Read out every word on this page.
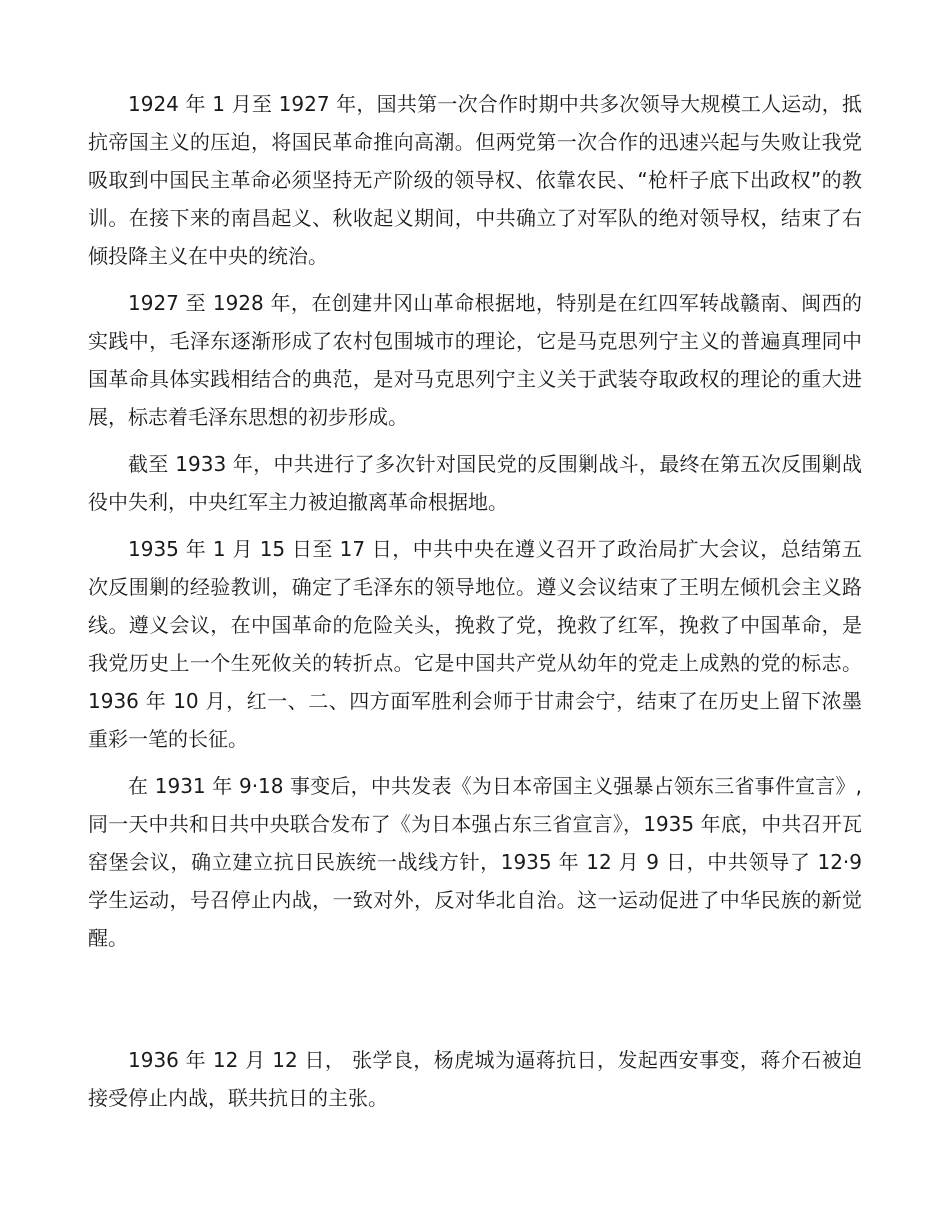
1924 年 1 月至 1927 年，国共第一次合作时期中共多次领导大规模工人运动，抵抗帝国主义的压迫，将国民革命推向高潮。但两党第一次合作的迅速兴起与失败让我党吸取到中国民主革命必须坚持无产阶级的领导权、依靠农民、“枪杆子底下出政权”的教训。在接下来的南昌起义、秋收起义期间，中共确立了对军队的绝对领导权，结束了右倾投降主义在中央的统治。

1927 至 1928 年，在创建井冈山革命根据地，特别是在红四军转战赣南、闽西的实践中，毛泽东逐渐形成了农村包围城市的理论，它是马克思列宁主义的普遍真理同中国革命具体实践相结合的典范，是对马克思列宁主义关于武装夺取政权的理论的重大进展，标志着毛泽东思想的初步形成。

截至 1933 年，中共进行了多次针对国民党的反围剿战斗，最终在第五次反围剿战役中失利，中央红军主力被迫撤离革命根据地。

1935 年 1 月 15 日至 17 日，中共中央在遵义召开了政治局扩大会议，总结第五次反围剿的经验教训，确定了毛泽东的领导地位。遵义会议结束了王明左倾机会主义路线。遵义会议，在中国革命的危险关头，挽救了党，挽救了红军，挽救了中国革命，是我党历史上一个生死攸关的转折点。它是中国共产党从幼年的党走上成熟的党的标志。1936 年 10 月，红一、二、四方面军胜利会师于甘肃会宁，结束了在历史上留下浓墨重彩一笔的长征。

在 1931 年 9·18 事变后，中共发表《为日本帝国主义强暴占领东三省事件宣言》,同一天中共和日共中央联合发布了《为日本强占东三省宣言》，1935 年底，中共召开瓦窑堡会议，确立建立抗日民族统一战线方针，1935 年 12 月 9 日，中共领导了 12·9 学生运动，号召停止内战，一致对外，反对华北自治。这一运动促进了中华民族的新觉醒。

1936 年 12 月 12 日， 张学良，杨虎城为逼蒋抗日，发起西安事变，蒋介石被迫接受停止内战，联共抗日的主张。
